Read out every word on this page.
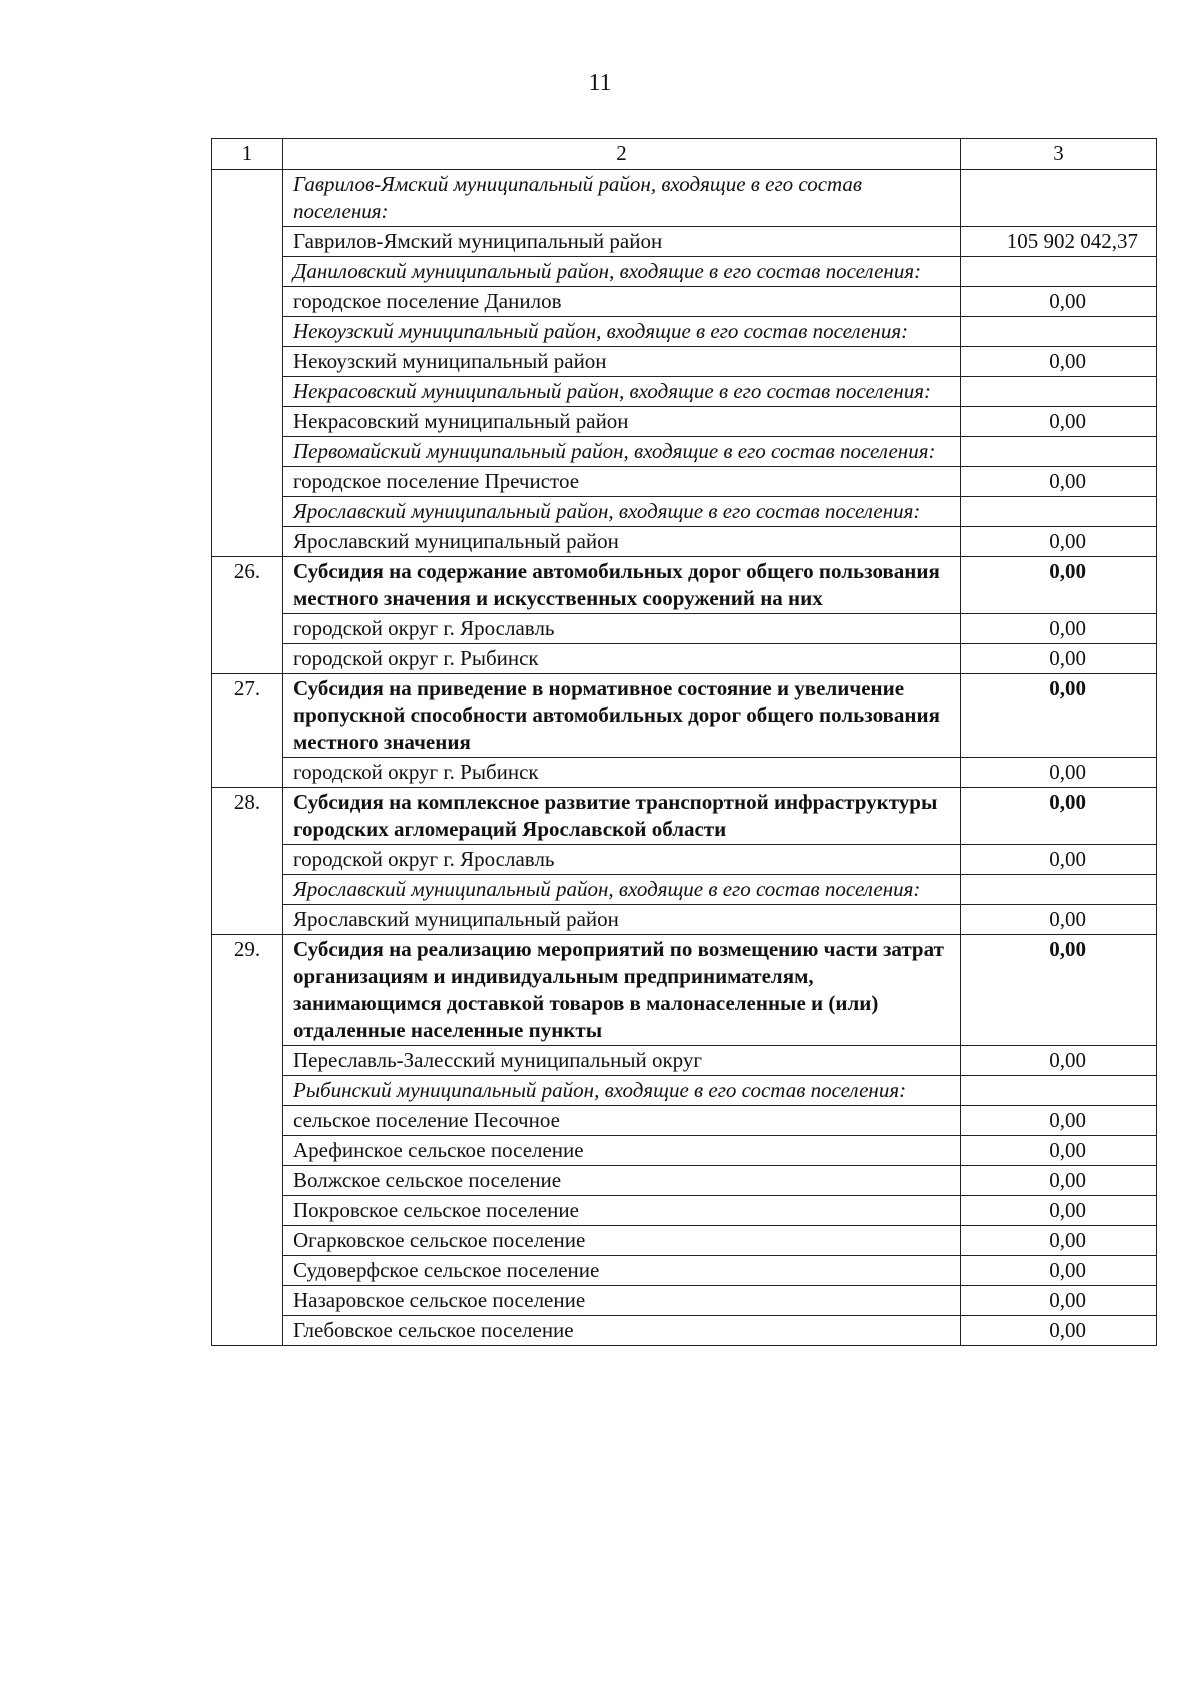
11
1	2	3
	Гаврилов-Ямский муниципальный район, входящие в его состав поселения:	
	Гаврилов-Ямский муниципальный район	105 902 042,37
	Даниловский муниципальный район, входящие в его состав поселения:	
	городское поселение Данилов	0,00
	Некоузский муниципальный район, входящие в его состав поселения:	
	Некоузский муниципальный район	0,00
	Некрасовский муниципальный район, входящие в его состав поселения:	
	Некрасовский муниципальный район	0,00
	Первомайский муниципальный район, входящие в его состав поселения:	
	городское поселение Пречистое	0,00
	Ярославский муниципальный район, входящие в его состав поселения:	
	Ярославский муниципальный район	0,00
26.	Субсидия на содержание автомобильных дорог общего пользования местного значения и искусственных сооружений на них	0,00
	городской округ г. Ярославль	0,00
	городской округ г. Рыбинск	0,00
27.	Субсидия на приведение в нормативное состояние и увеличение пропускной способности автомобильных дорог общего пользования местного значения	0,00
	городской округ г. Рыбинск	0,00
28.	Субсидия на комплексное развитие транспортной инфраструктуры городских агломераций Ярославской области	0,00
	городской округ г. Ярославль	0,00
	Ярославский муниципальный район, входящие в его состав поселения:	
	Ярославский муниципальный район	0,00
29.	Субсидия на реализацию мероприятий по возмещению части затрат организациям и индивидуальным предпринимателям, занимающимся доставкой товаров в малонаселенные и (или) отдаленные населенные пункты	0,00
	Переславль-Залесский муниципальный округ	0,00
	Рыбинский муниципальный район, входящие в его состав поселения:	
	сельское поселение Песочное	0,00
	Арефинское сельское поселение	0,00
	Волжское сельское поселение	0,00
	Покровское сельское поселение	0,00
	Огарковское сельское поселение	0,00
	Судоверфское сельское поселение	0,00
	Назаровское сельское поселение	0,00
	Глебовское сельское поселение	0,00
